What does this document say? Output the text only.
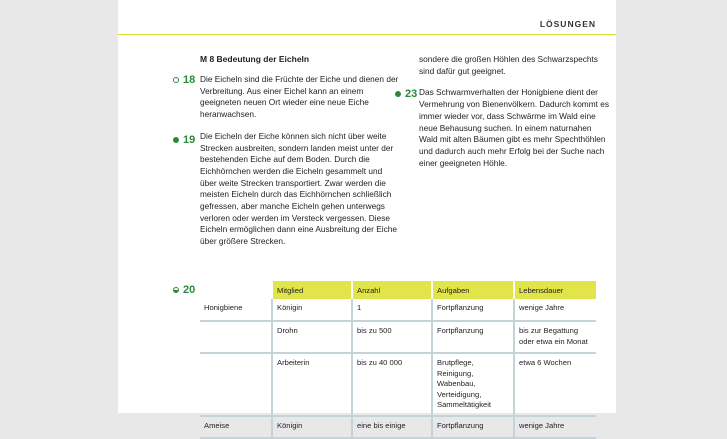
LÖSUNGEN

M 8 Bedeutung der Eicheln

Die Eicheln sind die Früchte der Eiche und dienen der Verbreitung. Aus einer Eichel kann an einem geeigneten neuen Ort wieder eine neue Eiche heranwachsen.

Die Eicheln der Eiche können sich nicht über weite Strecken ausbreiten, sondern landen meist unter der bestehenden Eiche auf dem Boden. Durch die Eichhörnchen werden die Eicheln gesammelt und über weite Strecken transportiert. Zwar werden die meisten Eicheln durch das Eichhörnchen schließlich gefressen, aber manche Eicheln gehen unterwegs verloren oder werden im Versteck vergessen. Diese Eicheln ermöglichen dann eine Ausbreitung der Eiche über größere Strecken.

sondere die großen Höhlen des Schwarzspechts sind dafür gut geeignet.

Das Schwarmverhalten der Honigbiene dient der Vermehrung von Bienenvölkern. Dadurch kommt es immer wieder vor, dass Schwärme im Wald eine neue Behausung suchen. In einem naturnahen Wald mit alten Bäumen gibt es mehr Spechthöhlen und dadurch auch mehr Erfolg bei der Suche nach einer geeigneten Höhle.

18
19
20
23
	Mitglied	Anzahl	Aufgaben	Lebensdauer
Honigbiene	Königin	1	Fortpflanzung	wenige Jahre
	Drohn	bis zu 500	Fortpflanzung	bis zur Begattung oder etwa ein Monat
	Arbeiterin	bis zu 40 000	Brutpflege, Reinigung, Wabenbau, Verteidigung, Sammeltätigkeit	etwa 6 Wochen
Ameise	Königin	eine bis einige	Fortpflanzung	wenige Jahre
